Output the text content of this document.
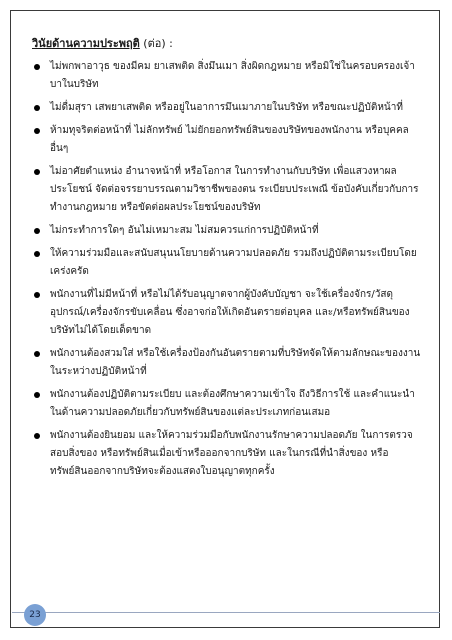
วินัยด้านความประพฤติ (ต่อ) :

ไม่พกพาอาวุธ ของมีคม ยาเสพติด สิ่งมึนเมา สิ่งผิดกฎหมาย หรือมิใช่ในครอบครองเจ้าบาในบริษัท
ไม่ดื่มสุรา เสพยาเสพติด หรืออยู่ในอาการมึนเมาภายในบริษัท หรือขณะปฏิบัติหน้าที่
ห้ามทุจริตต่อหน้าที่ ไม่ลักทรัพย์ ไม่ยักยอกทรัพย์สินของบริษัทของพนักงาน หรือบุคคลอื่นๆ
ไม่อาศัยตำแหน่ง อำนาจหน้าที่ หรือโอกาส ในการทำงานกับบริษัท เพื่อแสวงหาผลประโยชน์ จัดต่อจรรยาบรรณตามวิชาชีพของตน ระเบียบประเพณี ข้อบังคับเกี่ยวกับการทำงานกฎหมาย หรือขัดต่อผลประโยชน์ของบริษัท
ไม่กระทำการใดๆ อันไม่เหมาะสม ไม่สมควรแก่การปฏิบัติหน้าที่
ให้ความร่วมมือและสนับสนุนนโยบายด้านความปลอดภัย รวมถึงปฏิบัติตามระเบียบโดยเคร่งครัด
พนักงานที่ไม่มีหน้าที่ หรือไม่ได้รับอนุญาตจากผู้บังคับบัญชา จะใช้เครื่องจักร/วัสดุอุปกรณ์/เครื่องจักรขับเคลื่อน ซึ่งอาจก่อให้เกิดอันตรายต่อบุคล และ/หรือทรัพย์สินของบริษัทไม่ได้โดยเด็ดขาด
พนักงานต้องสวมใส่ หรือใช้เครื่องป้องกันอันตรายตามที่บริษัทจัดให้ตามลักษณะของงานในระหว่างปฏิบัติหน้าที่
พนักงานต้องปฏิบัติตามระเบียบ และต้องศึกษาความเข้าใจ ถึงวิธีการใช้ และคำแนะนำในด้านความปลอดภัยเกี่ยวกับทรัพย์สินของแต่ละประเภทก่อนเสมอ
พนักงานต้องยินยอม และให้ความร่วมมือกับพนักงานรักษาความปลอดภัย ในการตรวจสอบสิ่งของ หรือทรัพย์สินเมื่อเข้าหรือออกจากบริษัท และในกรณีที่นำสิ่งของ หรือทรัพย์สินออกจากบริษัทจะต้องแสดงใบอนุญาตทุกครั้ง
23
